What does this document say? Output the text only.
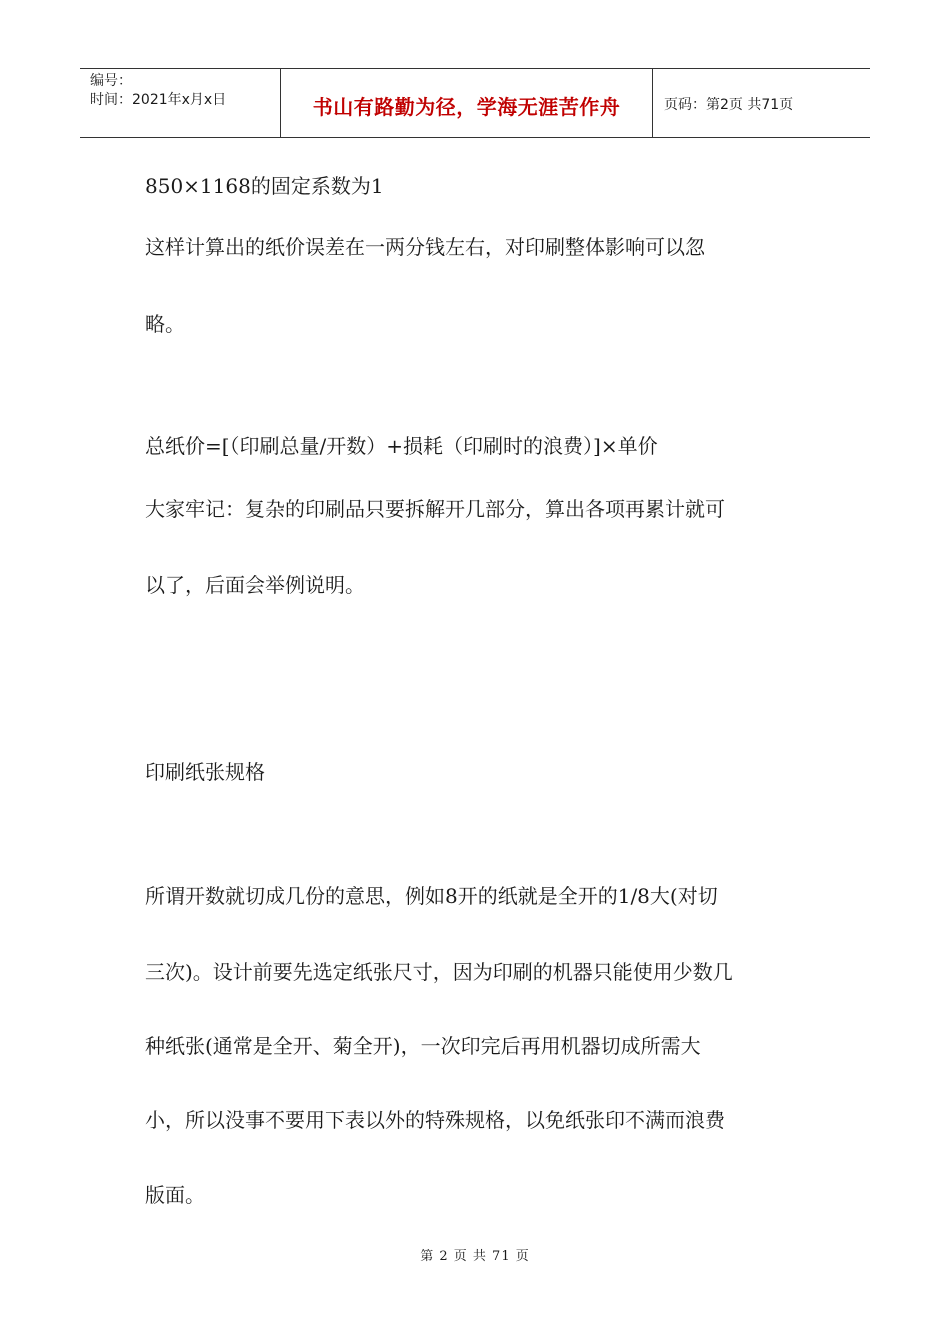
编号：
时间：2021年x月x日	书山有路勤为径，学海无涯苦作舟	页码：第2页 共71页

850×1168的固定系数为1

这样计算出的纸价误差在一两分钱左右，对印刷整体影响可以忽

略。

总纸价=[（印刷总量/开数）+损耗（印刷时的浪费）]×单价

大家牢记：复杂的印刷品只要拆解开几部分，算出各项再累计就可

以了，后面会举例说明。

印刷纸张规格

所谓开数就切成几份的意思，例如8开的纸就是全开的1/8大(对切

三次)。设计前要先选定纸张尺寸，因为印刷的机器只能使用少数几

种纸张(通常是全开、菊全开)，一次印完后再用机器切成所需大

小，所以没事不要用下表以外的特殊规格，以免纸张印不满而浪费

版面。

第 2 页 共 71 页
